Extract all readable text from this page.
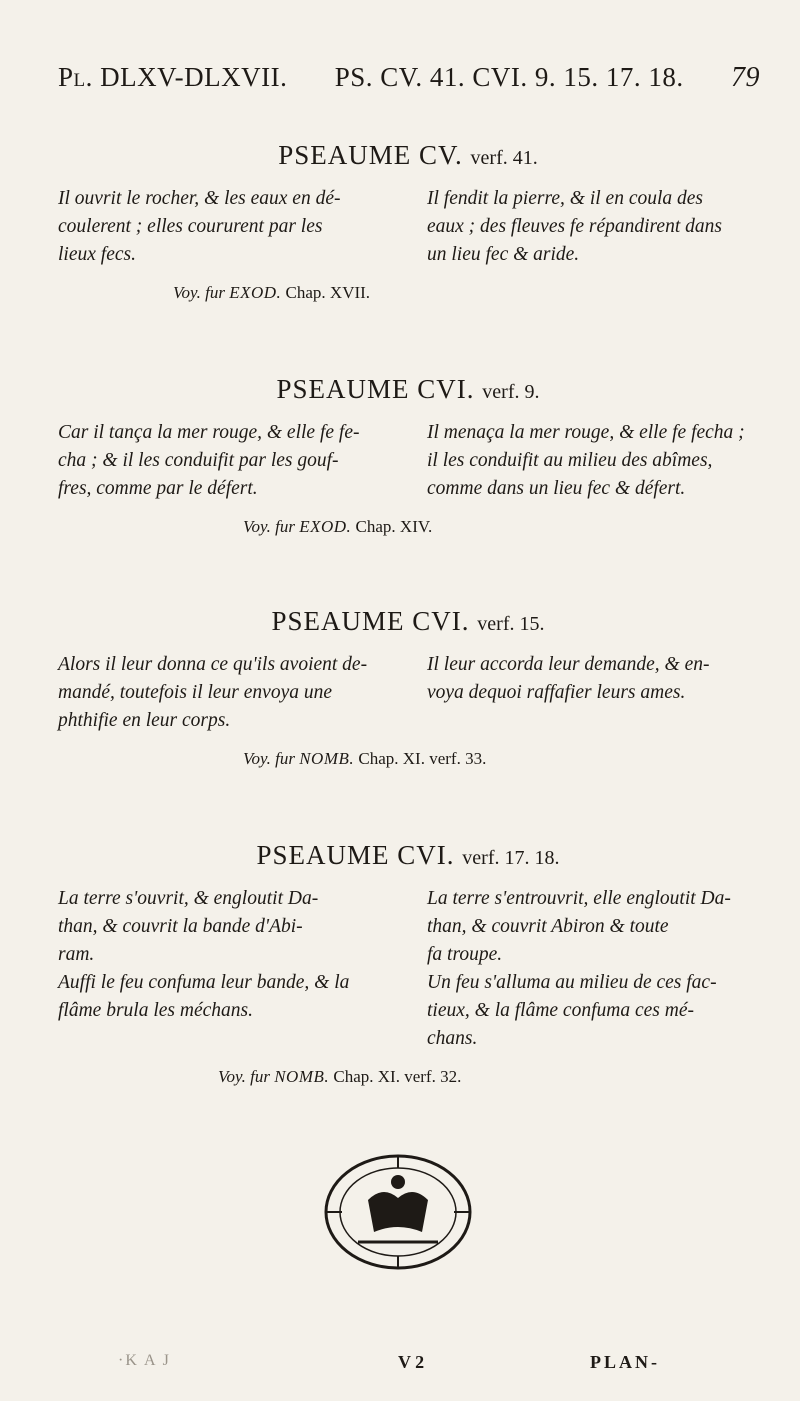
Pl. DLXV-DLXVII. PS. CV. 41. CVI. 9. 15. 17. 18. 79
PSEAUME CV. verf. 41.

Il ouvrit le rocher, & les eaux en dé-

coulerent ; elles coururent par les

lieux fecs.

Il fendit la pierre, & il en coula des

eaux ; des fleuves fe répandirent dans

un lieu fec & aride.

Voy. fur EXOD. Chap. XVII.
PSEAUME CVI. verf. 9.

Car il tança la mer rouge, & elle fe fe-

cha ; & il les conduifit par les gouf-

fres, comme par le défert.

Il menaça la mer rouge, & elle fe fecha ;

il les conduifit au milieu des abîmes,

comme dans un lieu fec & défert.

Voy. fur EXOD. Chap. XIV.
PSEAUME CVI. verf. 15.

Alors il leur donna ce qu'ils avoient de-

mandé, toutefois il leur envoya une

phthifie en leur corps.

Il leur accorda leur demande, & en-

voya dequoi raffafier leurs ames.

Voy. fur NOMB. Chap. XI. verf. 33.
PSEAUME CVI. verf. 17. 18.

La terre s'ouvrit, & engloutit Da-

than, & couvrit la bande d'Abi-

ram.

Auffi le feu confuma leur bande, & la

flâme brula les méchans.

La terre s'entrouvrit, elle engloutit Da-

than, & couvrit Abiron & toute

fa troupe.

Un feu s'alluma au milieu de ces fac-

tieux, & la flâme confuma ces mé-

chans.

Voy. fur NOMB. Chap. XI. verf. 32.
·K A J	V 2	PLAN-
